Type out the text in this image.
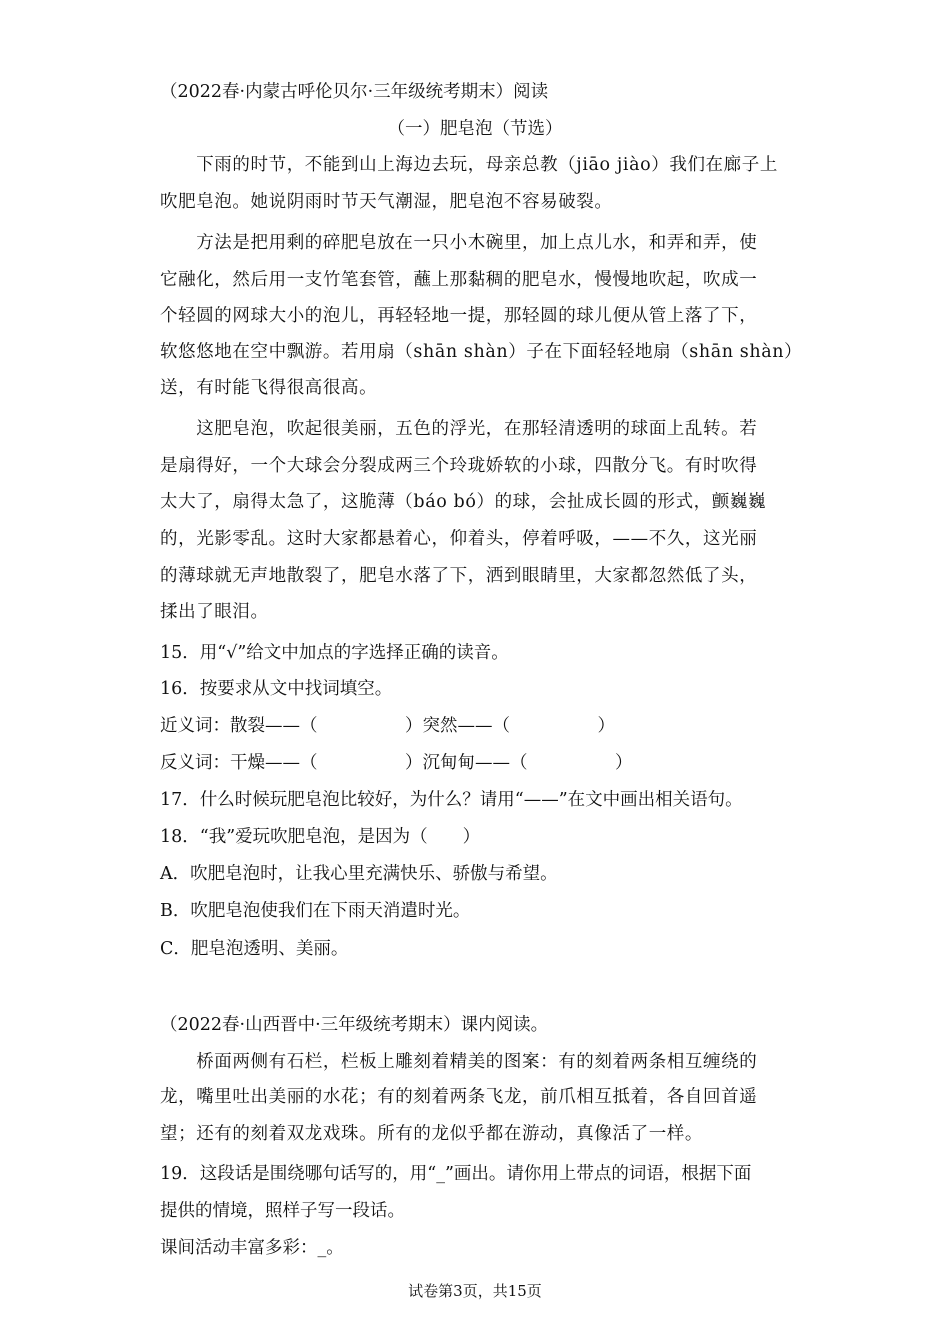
（2022春·内蒙古呼伦贝尔·三年级统考期末）阅读
（一）肥皂泡（节选）
　　下雨的时节，不能到山上海边去玩，母亲总教（jiāo jiào）我们在廊子上
吹肥皂泡。她说阴雨时节天气潮湿，肥皂泡不容易破裂。
　　方法是把用剩的碎肥皂放在一只小木碗里，加上点儿水，和弄和弄，使
它融化，然后用一支竹笔套管，蘸上那黏稠的肥皂水，慢慢地吹起，吹成一
个轻圆的网球大小的泡儿，再轻轻地一提，那轻圆的球儿便从管上落了下，
软悠悠地在空中飘游。若用扇（shān shàn）子在下面轻轻地扇（shān shàn）
送，有时能飞得很高很高。
　　这肥皂泡，吹起很美丽，五色的浮光，在那轻清透明的球面上乱转。若
是扇得好，一个大球会分裂成两三个玲珑娇软的小球，四散分飞。有时吹得
太大了，扇得太急了，这脆薄（báo bó）的球，会扯成长圆的形式，颤巍巍
的，光影零乱。这时大家都悬着心，仰着头，停着呼吸，——不久，这光丽
的薄球就无声地散裂了，肥皂水落了下，洒到眼睛里，大家都忽然低了头，
揉出了眼泪。
15．用“√”给文中加点的字选择正确的读音。
16．按要求从文中找词填空。
近义词：散裂——（　　　　　）突然——（　　　　　）
反义词：干燥——（　　　　　）沉甸甸——（　　　　　）
17．什么时候玩肥皂泡比较好，为什么？请用“——”在文中画出相关语句。
18．“我”爱玩吹肥皂泡，是因为（　　）
A．吹肥皂泡时，让我心里充满快乐、骄傲与希望。
B．吹肥皂泡使我们在下雨天消遣时光。
C．肥皂泡透明、美丽。
（2022春·山西晋中·三年级统考期末）课内阅读。
　　桥面两侧有石栏，栏板上雕刻着精美的图案：有的刻着两条相互缠绕的
龙，嘴里吐出美丽的水花；有的刻着两条飞龙，前爪相互抵着，各自回首遥
望；还有的刻着双龙戏珠。所有的龙似乎都在游动，真像活了一样。
19．这段话是围绕哪句话写的，用“_”画出。请你用上带点的词语，根据下面
提供的情境，照样子写一段话。
课间活动丰富多彩：_。
试卷第3页，共15页
